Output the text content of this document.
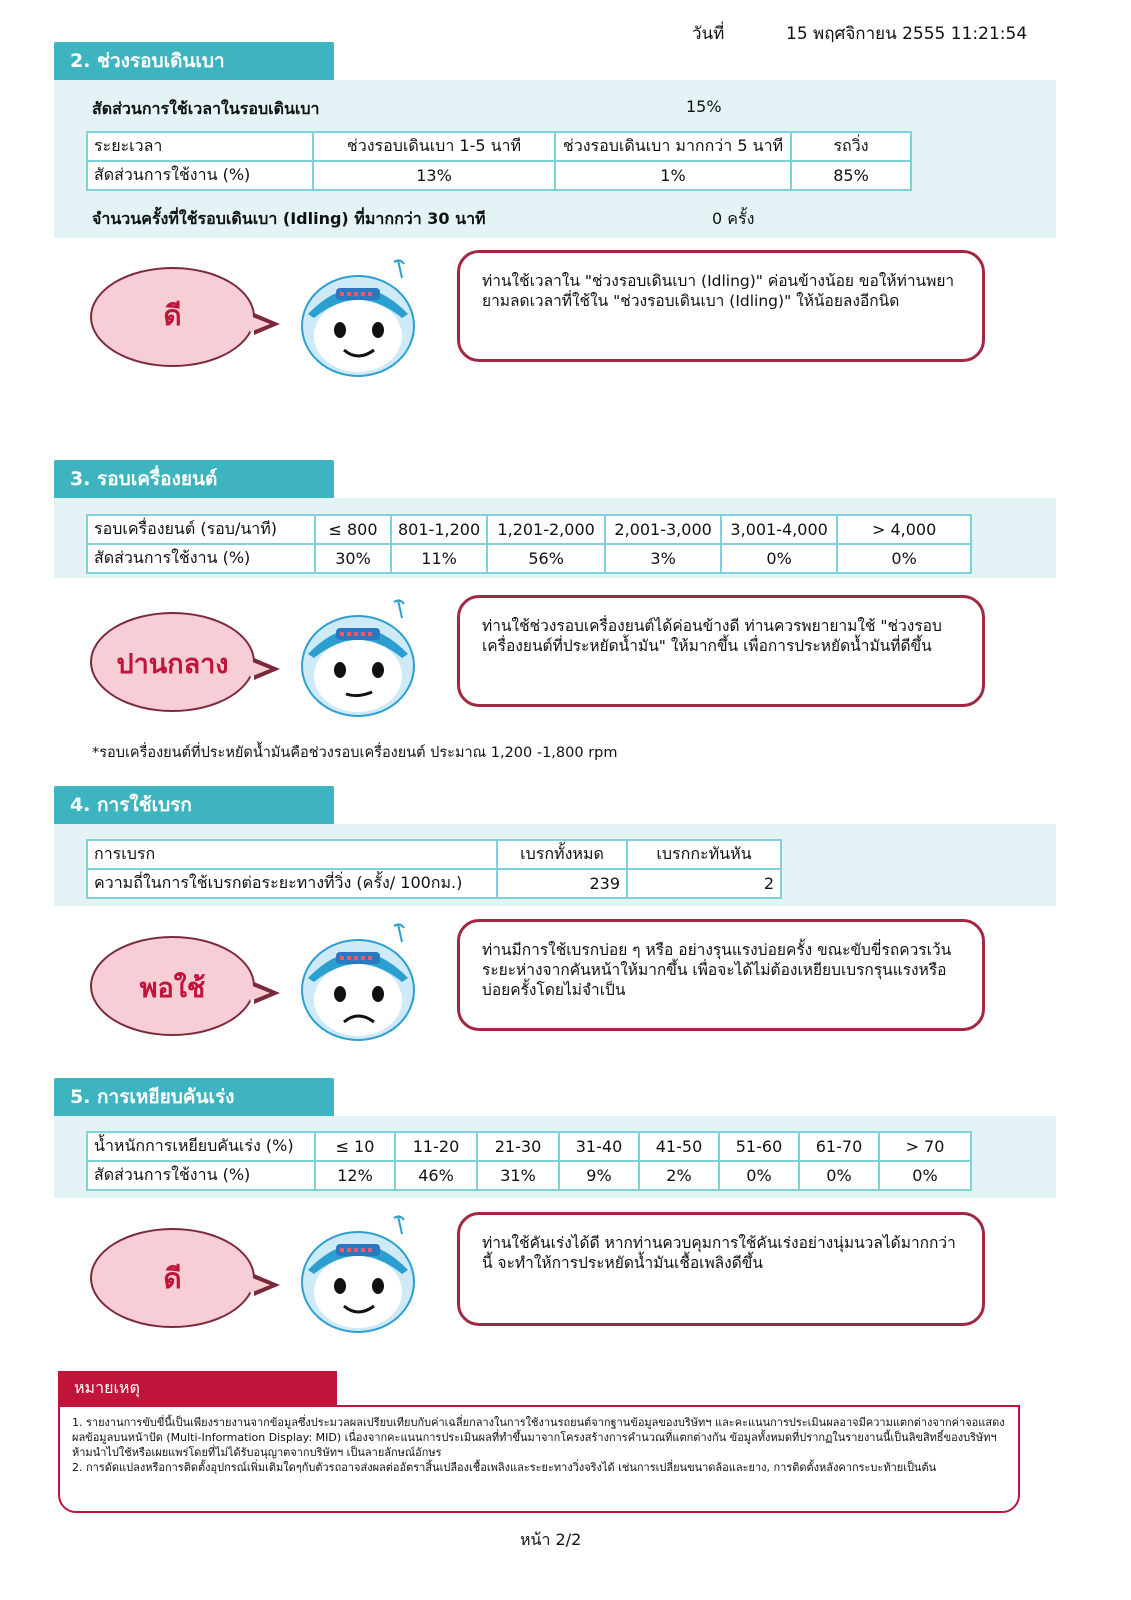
วันที่	15 พฤศจิกายน 2555 11:21:54
2. ช่วงรอบเดินเบา
สัดส่วนการใช้เวลาในรอบเดินเบา	15%
ระยะเวลา	ช่วงรอบเดินเบา 1-5 นาที	ช่วงรอบเดินเบา มากกว่า 5 นาที	รถวิ่ง
สัดส่วนการใช้งาน (%)	13%	1%	85%
จำนวนครั้งที่ใช้รอบเดินเบา (Idling) ที่มากกว่า 30 นาที	0 ครั้ง
ดี
ท่านใช้เวลาใน "ช่วงรอบเดินเบา (Idling)" ค่อนข้างน้อย ขอให้ท่านพยายามลดเวลาที่ใช้ใน "ช่วงรอบเดินเบา (Idling)" ให้น้อยลงอีกนิด
3. รอบเครื่องยนต์
รอบเครื่องยนต์ (รอบ/นาที)	≤ 800	801-1,200	1,201-2,000	2,001-3,000	3,001-4,000	> 4,000
สัดส่วนการใช้งาน (%)	30%	11%	56%	3%	0%	0%
ปานกลาง
ท่านใช้ช่วงรอบเครื่องยนต์ได้ค่อนข้างดี ท่านควรพยายามใช้ "ช่วงรอบเครื่องยนต์ที่ประหยัดน้ำมัน" ให้มากขึ้น เพื่อการประหยัดน้ำมันที่ดีขึ้น
*รอบเครื่องยนต์ที่ประหยัดน้ำมันคือช่วงรอบเครื่องยนต์ ประมาณ 1,200 -1,800 rpm
4. การใช้เบรก
การเบรก	เบรกทั้งหมด	เบรกกะทันหัน
ความถี่ในการใช้เบรกต่อระยะทางที่วิ่ง (ครั้ง/ 100กม.)	239	2
พอใช้
ท่านมีการใช้เบรกบ่อย ๆ หรือ อย่างรุนแรงบ่อยครั้ง ขณะขับขี่รถควรเว้นระยะห่างจากคันหน้าให้มากขึ้น เพื่อจะได้ไม่ต้องเหยียบเบรกรุนแรงหรือบ่อยครั้งโดยไม่จำเป็น
5. การเหยียบคันเร่ง
น้ำหนักการเหยียบคันเร่ง (%)	≤ 10	11-20	21-30	31-40	41-50	51-60	61-70	> 70
สัดส่วนการใช้งาน (%)	12%	46%	31%	9%	2%	0%	0%	0%
ดี
ท่านใช้คันเร่งได้ดี หากท่านควบคุมการใช้คันเร่งอย่างนุ่มนวลได้มากกว่านี้ จะทำให้การประหยัดน้ำมันเชื้อเพลิงดีขึ้น
หมายเหตุ
1. รายงานการขับขี่นี้เป็นเพียงรายงานจากข้อมูลซึ่งประมวลผลเปรียบเทียบกับค่าเฉลี่ยกลางในการใช้งานรถยนต์จากฐานข้อมูลของบริษัทฯ และคะแนนการประเมินผลอาจมีความแตกต่างจากค่าจอแสดงผลข้อมูลบนหน้าปัด (Multi-Information Display: MID) เนื่องจากคะแนนการประเมินผลที่ทำขึ้นมาจากโครงสร้างการคำนวณที่แตกต่างกัน ข้อมูลทั้งหมดที่ปรากฏในรายงานนี้เป็นลิขสิทธิ์ของบริษัทฯ ห้ามนำไปใช้หรือเผยแพร่โดยที่ไม่ได้รับอนุญาตจากบริษัทฯ เป็นลายลักษณ์อักษร
2. การดัดแปลงหรือการติดตั้งอุปกรณ์เพิ่มเติมใดๆกับตัวรถอาจส่งผลต่ออัตราสิ้นเปลืองเชื้อเพลิงและระยะทางวิ่งจริงได้ เช่นการเปลี่ยนขนาดล้อและยาง, การติดตั้งหลังคากระบะท้ายเป็นต้น
หน้า 2/2
